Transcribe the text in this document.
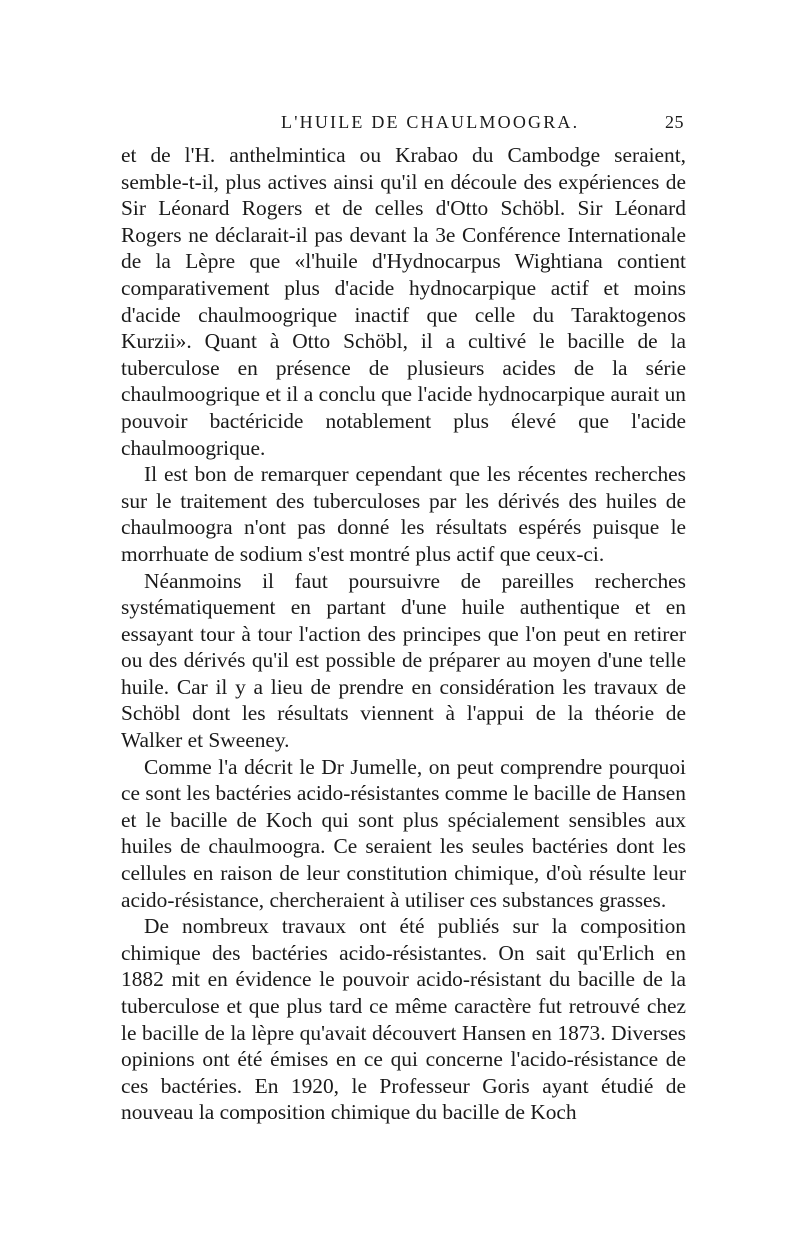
L'HUILE DE CHAULMOOGRA.	25

et de l'H. anthelmintica ou Krabao du Cambodge seraient, semble-t-il, plus actives ainsi qu'il en découle des expériences de Sir Léonard Rogers et de celles d'Otto Schöbl. Sir Léonard Rogers ne déclarait-il pas devant la 3e Conférence Internationale de la Lèpre que «l'huile d'Hydnocarpus Wightiana contient comparativement plus d'acide hydnocarpique actif et moins d'acide chaulmoogrique inactif que celle du Taraktogenos Kurzii». Quant à Otto Schöbl, il a cultivé le bacille de la tuberculose en présence de plusieurs acides de la série chaulmoogrique et il a conclu que l'acide hydnocarpique aurait un pouvoir bactéricide notablement plus élevé que l'acide chaulmoogrique.

Il est bon de remarquer cependant que les récentes recherches sur le traitement des tuberculoses par les dérivés des huiles de chaulmoogra n'ont pas donné les résultats espérés puisque le morrhuate de sodium s'est montré plus actif que ceux-ci.

Néanmoins il faut poursuivre de pareilles recherches systématiquement en partant d'une huile authentique et en essayant tour à tour l'action des principes que l'on peut en retirer ou des dérivés qu'il est possible de préparer au moyen d'une telle huile. Car il y a lieu de prendre en considération les travaux de Schöbl dont les résultats viennent à l'appui de la théorie de Walker et Sweeney.

Comme l'a décrit le Dr Jumelle, on peut comprendre pourquoi ce sont les bactéries acido-résistantes comme le bacille de Hansen et le bacille de Koch qui sont plus spécialement sensibles aux huiles de chaulmoogra. Ce seraient les seules bactéries dont les cellules en raison de leur constitution chimique, d'où résulte leur acido-résistance, chercheraient à utiliser ces substances grasses.

De nombreux travaux ont été publiés sur la composition chimique des bactéries acido-résistantes. On sait qu'Erlich en 1882 mit en évidence le pouvoir acido-résistant du bacille de la tuberculose et que plus tard ce même caractère fut retrouvé chez le bacille de la lèpre qu'avait découvert Hansen en 1873. Diverses opinions ont été émises en ce qui concerne l'acido-résistance de ces bactéries. En 1920, le Professeur Goris ayant étudié de nouveau la composition chimique du bacille de Koch
